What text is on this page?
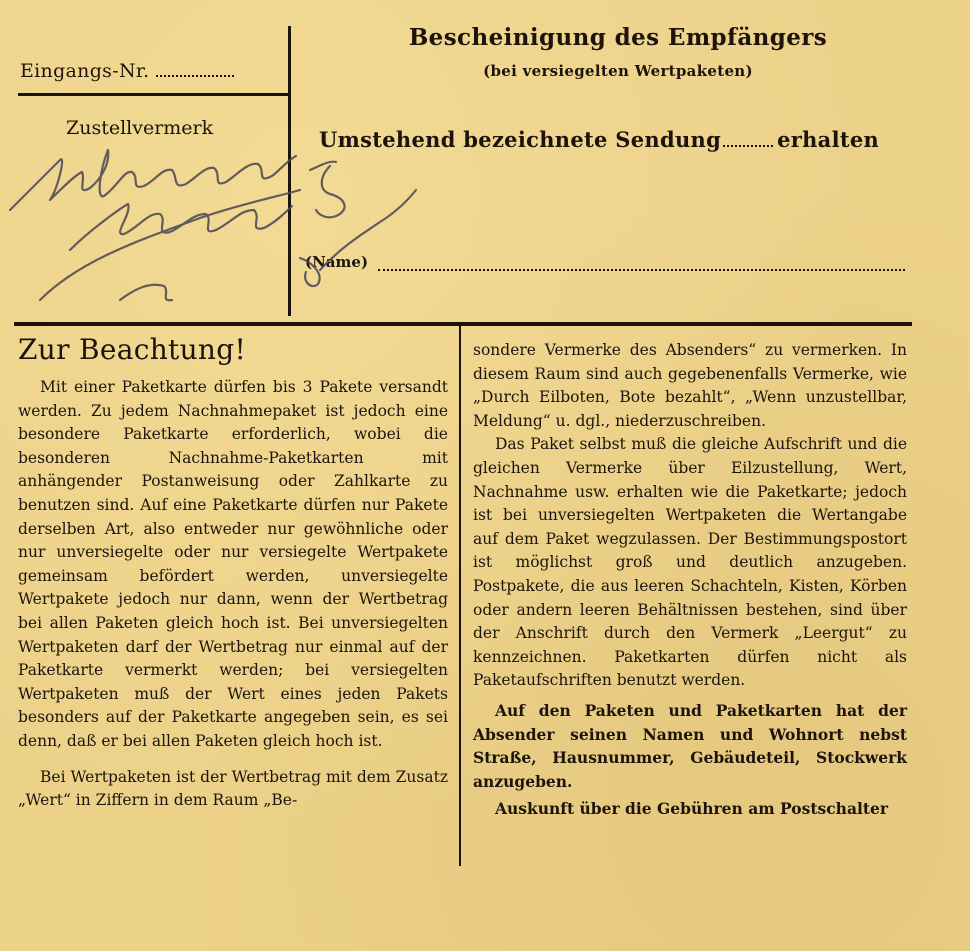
Eingangs-Nr.
Zustellvermerk
Bescheinigung des Empfängers
(bei versiegelten Wertpaketen)
Umstehend bezeichnete Sendung	erhalten
(Name)
Zur Beachtung!

Mit einer Paketkarte dürfen bis 3 Pakete versandt werden. Zu jedem Nachnahmepaket ist jedoch eine besondere Paketkarte erforderlich, wobei die besonderen Nachnahme-Paketkarten mit anhängender Postanweisung oder Zahlkarte zu benutzen sind. Auf eine Paketkarte dürfen nur Pakete derselben Art, also entweder nur gewöhnliche oder nur unversiegelte oder nur versiegelte Wertpakete gemeinsam befördert werden, unversiegelte Wertpakete jedoch nur dann, wenn der Wertbetrag bei allen Paketen gleich hoch ist. Bei unversiegelten Wertpaketen darf der Wertbetrag nur einmal auf der Paketkarte vermerkt werden; bei versiegelten Wertpaketen muß der Wert eines jeden Pakets besonders auf der Paketkarte angegeben sein, es sei denn, daß er bei allen Paketen gleich hoch ist.

Bei Wertpaketen ist der Wertbetrag mit dem Zusatz „Wert“ in Ziffern in dem Raum „Be-

sondere Vermerke des Absenders“ zu vermerken. In diesem Raum sind auch gegebenenfalls Vermerke, wie „Durch Eilboten, Bote bezahlt“, „Wenn unzustellbar, Meldung“ u. dgl., niederzuschreiben.

Das Paket selbst muß die gleiche Aufschrift und die gleichen Vermerke über Eilzustellung, Wert, Nachnahme usw. erhalten wie die Paketkarte; jedoch ist bei unversiegelten Wertpaketen die Wertangabe auf dem Paket wegzulassen. Der Bestimmungspostort ist möglichst groß und deutlich anzugeben. Postpakete, die aus leeren Schachteln, Kisten, Körben oder andern leeren Behältnissen bestehen, sind über der Anschrift durch den Vermerk „Leergut“ zu kennzeichnen. Paketkarten dürfen nicht als Paketaufschriften benutzt werden.

Auf den Paketen und Paketkarten hat der Absender seinen Namen und Wohnort nebst Straße, Hausnummer, Gebäudeteil, Stockwerk anzugeben.

Auskunft über die Gebühren am Postschalter
